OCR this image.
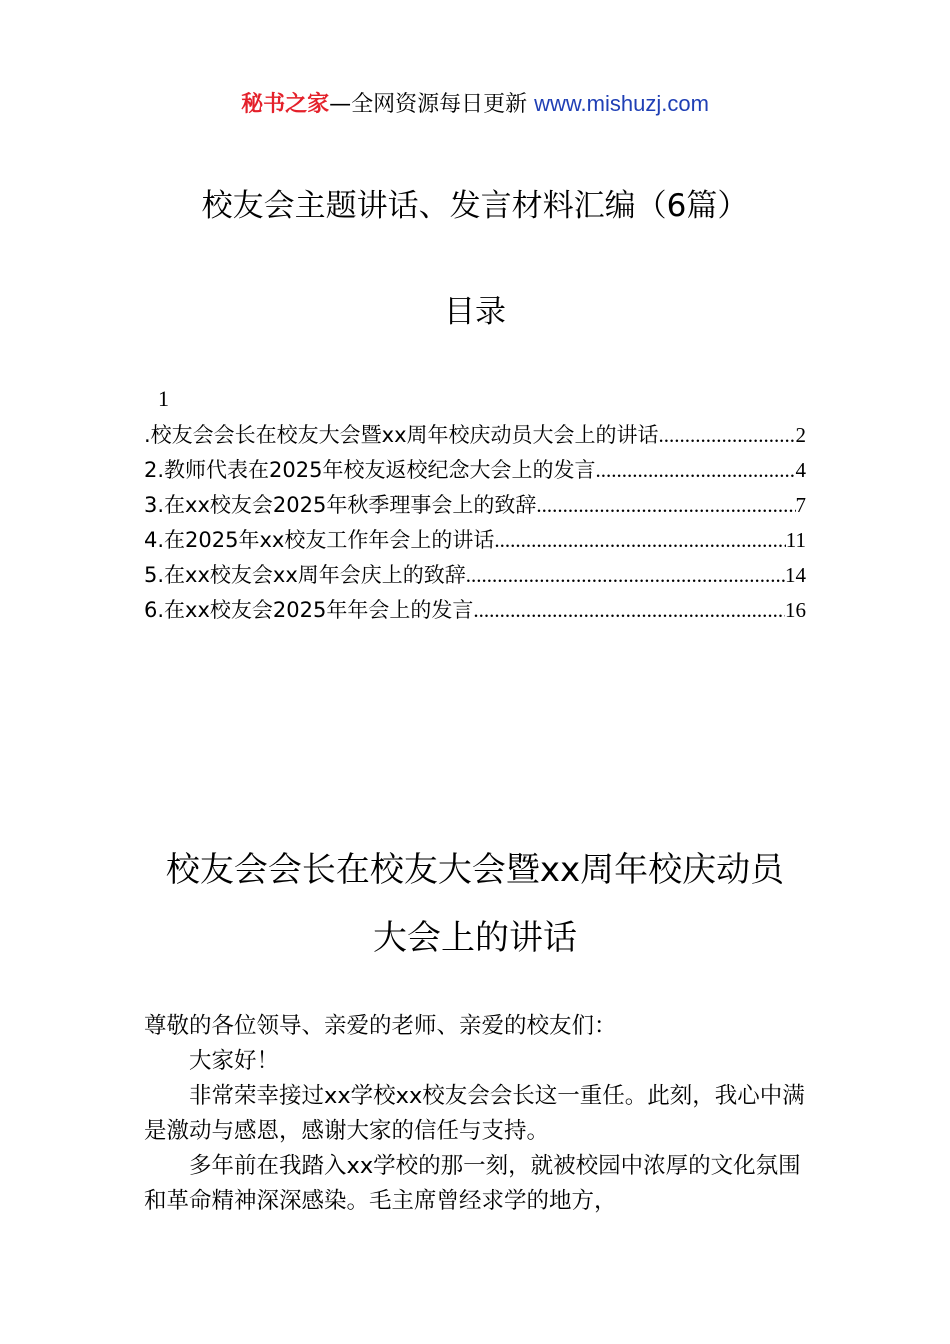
秘书之家—全网资源每日更新 www.mishuzj.com
校友会主题讲话、发言材料汇编（6篇）
目录
1
.校友会会长在校友大会暨xx周年校庆动员大会上的讲话 .....	2
2.教师代表在2025年校友返校纪念大会上的发言 .....	4
3.在xx校友会2025年秋季理事会上的致辞 .....	7
4.在2025年xx校友工作年会上的讲话 .....	11
5.在xx校友会xx周年会庆上的致辞 .....	14
6.在xx校友会2025年年会上的发言 .....	16
校友会会长在校友大会暨xx周年校庆动员
大会上的讲话

尊敬的各位领导、亲爱的老师、亲爱的校友们：

大家好！

非常荣幸接过xx学校xx校友会会长这一重任。此刻，我心中满是激动与感恩，感谢大家的信任与支持。

多年前在我踏入xx学校的那一刻，就被校园中浓厚的文化氛围和革命精神深深感染。毛主席曾经求学的地方，
